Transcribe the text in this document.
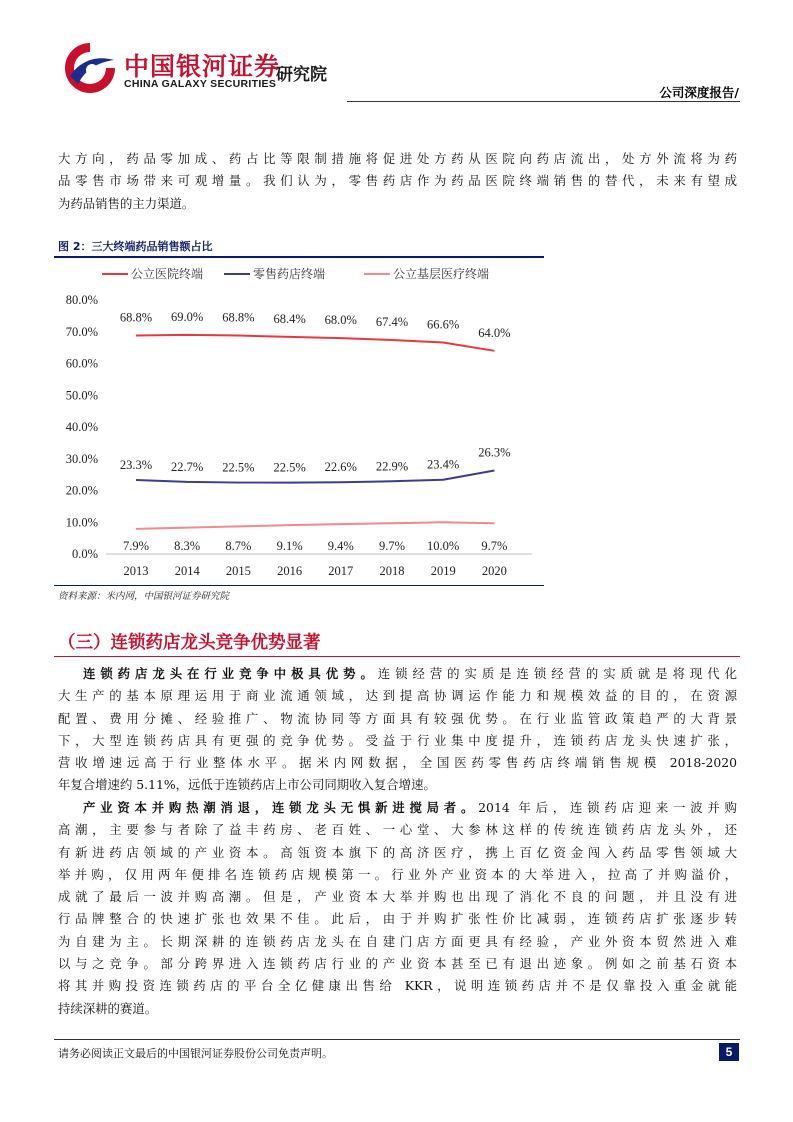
中国银河证券
CHINA GALAXY SECURITIES 研究院
公司深度报告/
大方向，药品零加成、药占比等限制措施将促进处方药从医院向药店流出，处方外流将为药
品零售市场带来可观增量。我们认为，零售药店作为药品医院终端销售的替代，未来有望成
为药品销售的主力渠道。
图 2：三大终端药品销售额占比
公立医院终端	零售药店终端	公立基层医疗终端
0.0%
10.0%
20.0%
30.0%
40.0%
50.0%
60.0%
70.0%
80.0%
2013 2014 2015 2016 2017 2018 2019 2020
68.8% 69.0% 68.8% 68.4% 68.0% 67.4% 66.6%
64.0%
23.3% 22.7% 22.5% 22.5% 22.6% 22.9% 23.4%
26.3%
7.9% 8.3% 8.7% 9.1% 9.4% 9.7% 10.0% 9.7%
资料来源：米内网，中国银河证券研究院
（三）连锁药店龙头竞争优势显著
连锁药店龙头在行业竞争中极具优势。连锁经营的实质是连锁经营的实质就是将现代化
大生产的基本原理运用于商业流通领域，达到提高协调运作能力和规模效益的目的，在资源
配置、费用分摊、经验推广、物流协同等方面具有较强优势。在行业监管政策趋严的大背景
下，大型连锁药店具有更强的竞争优势。受益于行业集中度提升，连锁药店龙头快速扩张，
营收增速远高于行业整体水平。据米内网数据，全国医药零售药店终端销售规模 2018-2020
年复合增速约 5.11%，远低于连锁药店上市公司同期收入复合增速。
产业资本并购热潮消退，连锁龙头无惧新进搅局者。2014 年后，连锁药店迎来一波并购
高潮，主要参与者除了益丰药房、老百姓、一心堂、大参林这样的传统连锁药店龙头外，还
有新进药店领域的产业资本。高瓴资本旗下的高济医疗，携上百亿资金闯入药品零售领域大
举并购，仅用两年便排名连锁药店规模第一。行业外产业资本的大举进入，拉高了并购溢价，
成就了最后一波并购高潮。但是，产业资本大举并购也出现了消化不良的问题，并且没有进
行品牌整合的快速扩张也效果不佳。此后，由于并购扩张性价比减弱，连锁药店扩张逐步转
为自建为主。长期深耕的连锁药店龙头在自建门店方面更具有经验，产业外资本贸然进入难
以与之竞争。部分跨界进入连锁药店行业的产业资本甚至已有退出迹象。例如之前基石资本
将其并购投资连锁药店的平台全亿健康出售给 KKR，说明连锁药店并不是仅靠投入重金就能
持续深耕的赛道。
请务必阅读正文最后的中国银河证券股份公司免责声明。	5
